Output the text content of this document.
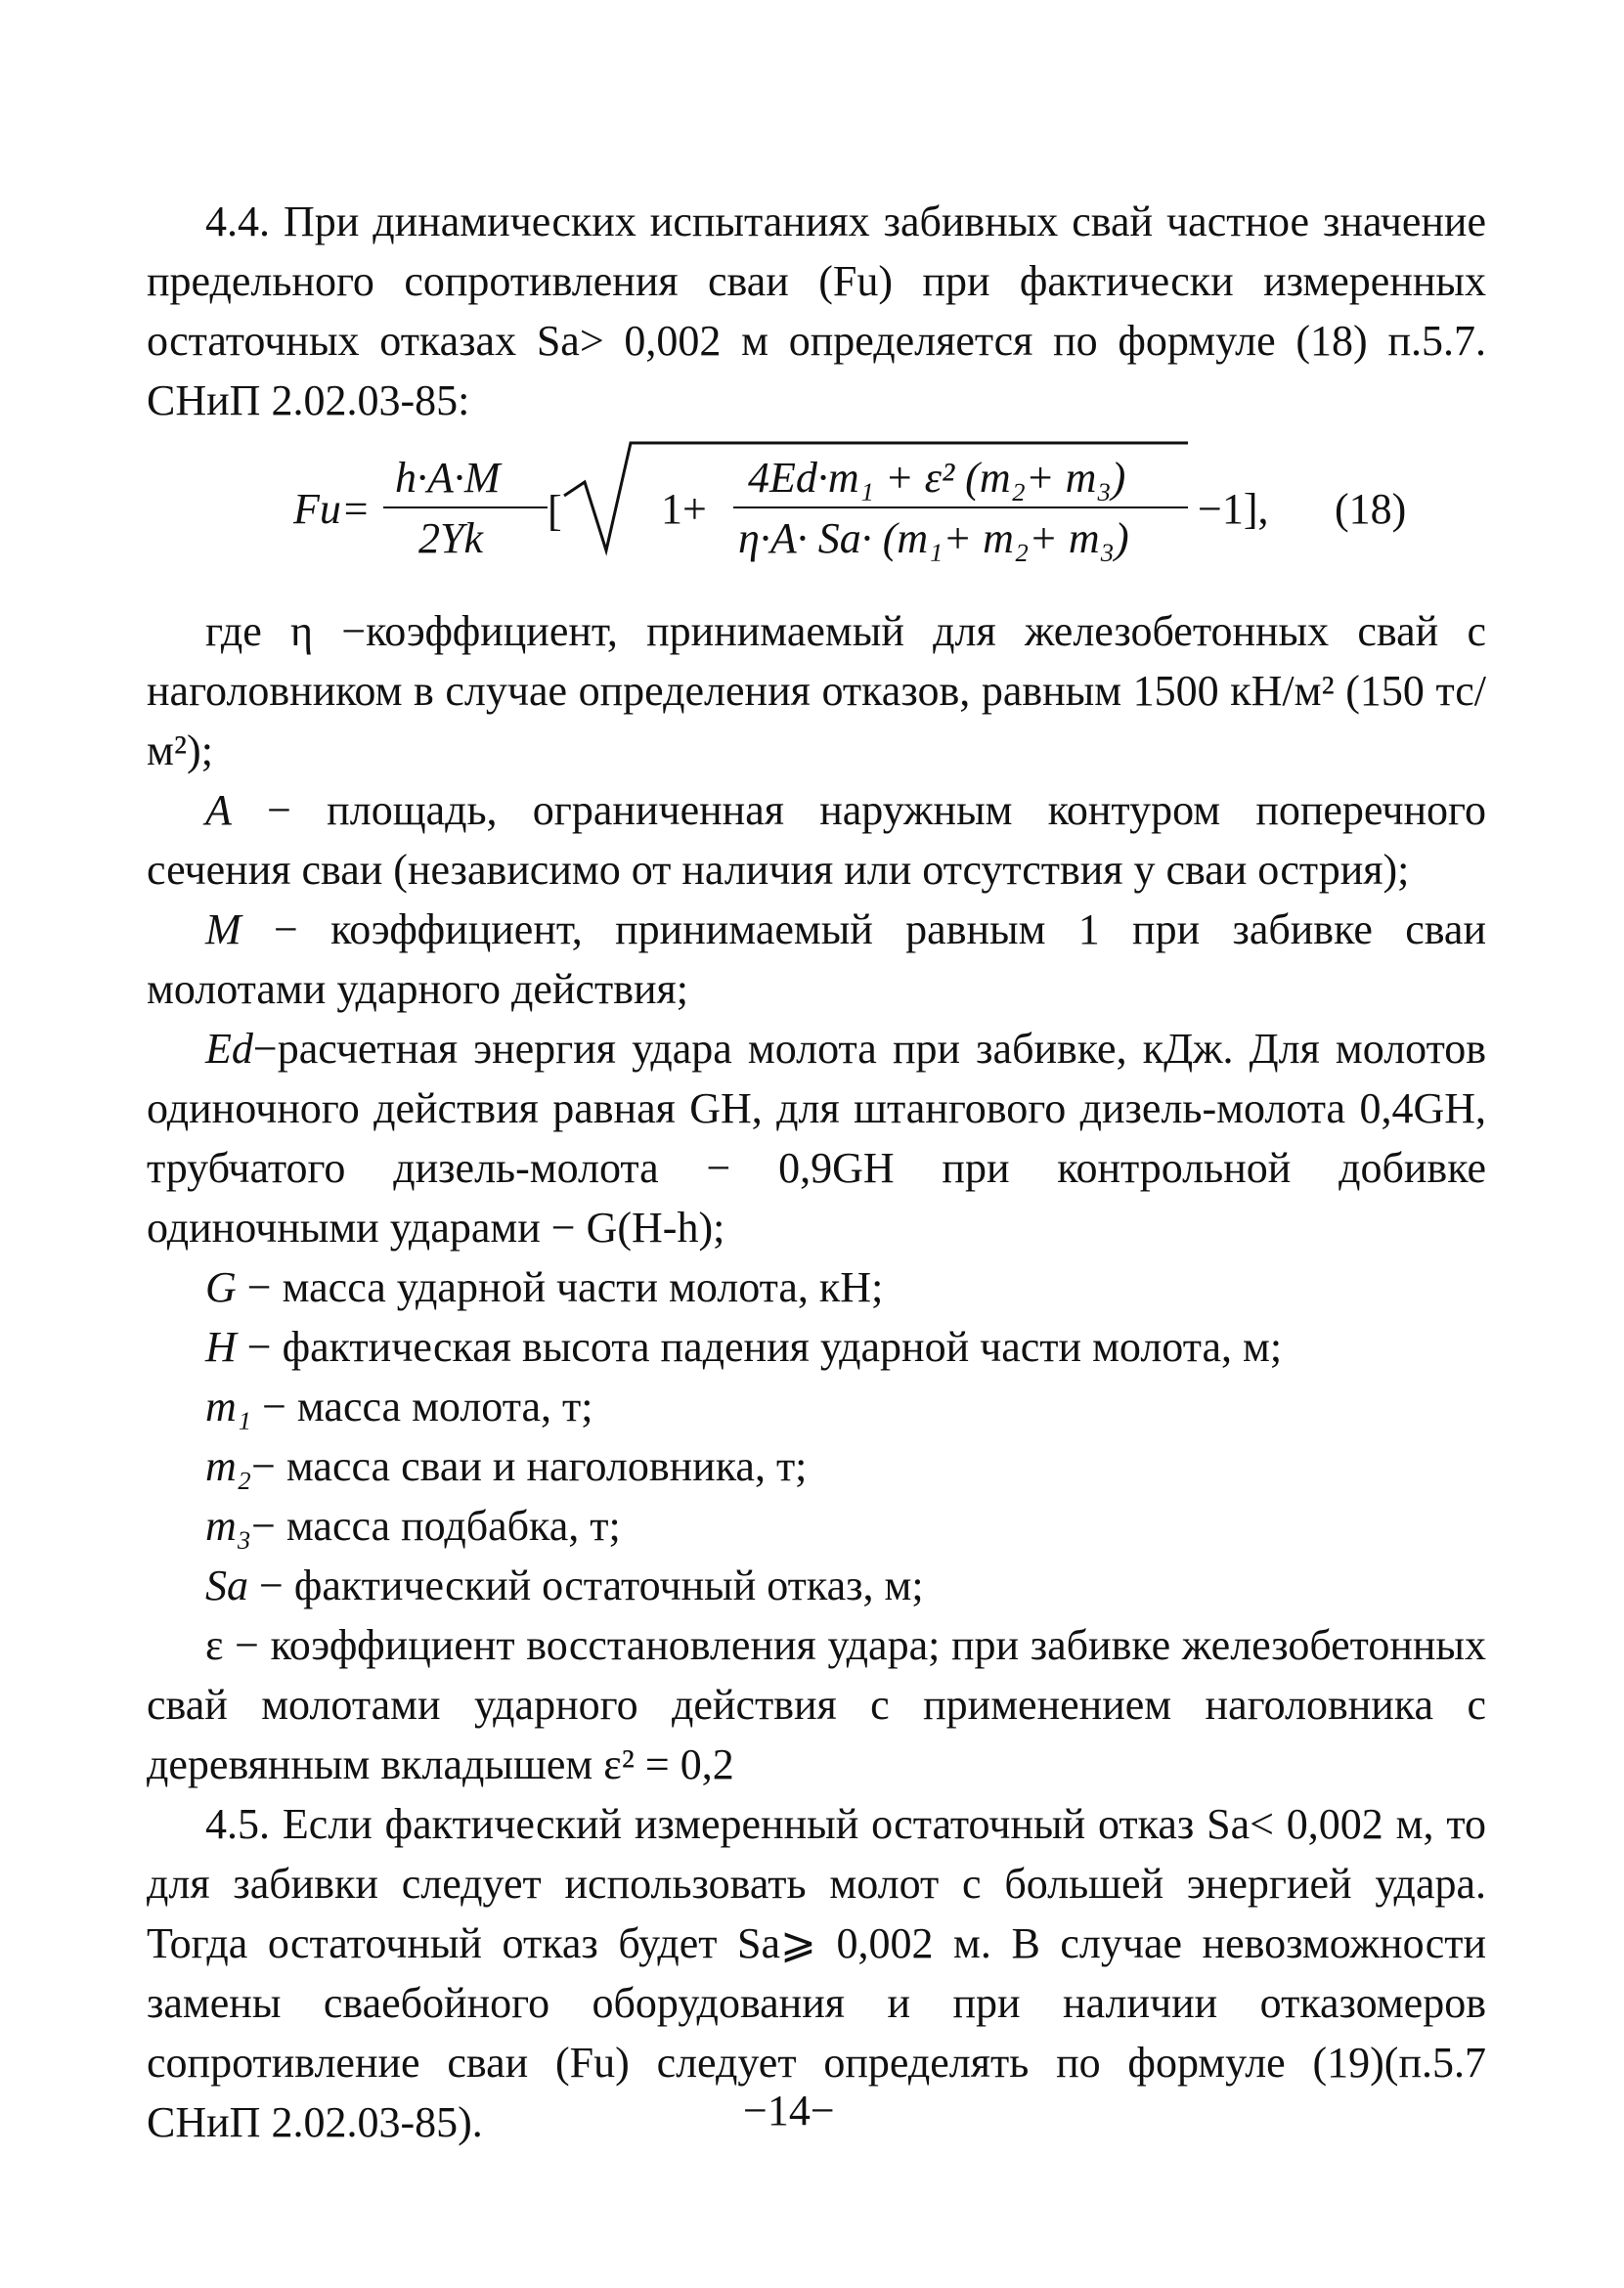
4.4. При динамических испытаниях забивных свай частное значение предельного сопротивления сваи (Fu) при фактически измеренных остаточных отказах Sa> 0,002 м определяется по формуле (18) п.5.7. СНиП 2.02.03-85:

Fu=
h·A·M
2Yk
[ 1+
4Ed·m₁ + ε² (m₂+ m₃)
η·A· Sa· (m₁+ m₂+ m₃)
−1], (18)

где η −коэффициент, принимаемый для железобетонных свай с наголовником в случае определения отказов, равным 1500 кН/м² (150 тс/м²);

А − площадь, ограниченная наружным контуром поперечного сечения сваи (независимо от наличия или отсутствия у сваи острия);

М − коэффициент, принимаемый равным 1 при забивке сваи молотами ударного действия;

Ed−расчетная энергия удара молота при забивке, кДж. Для молотов одиночного действия равная GH, для штангового дизель-молота 0,4GH, трубчатого дизель-молота − 0,9GH при контрольной добивке одиночными ударами − G(H-h);

G − масса ударной части молота, кН;

H − фактическая высота падения ударной части молота, м;

m₁ − масса молота, т;

m₂− масса сваи и наголовника, т;

m₃− масса подбабка, т;

Sa − фактический остаточный отказ, м;

ε − коэффициент восстановления удара; при забивке железобетонных свай молотами ударного действия с применением наголовника с деревянным вкладышем ε² = 0,2

4.5. Если фактический измеренный остаточный отказ Sa< 0,002 м, то для забивки следует использовать молот с большей энергией удара. Тогда остаточный отказ будет Sa⩾ 0,002 м. В случае невозможности замены сваебойного оборудования и при наличии отказомеров сопротивление сваи (Fu) следует определять по формуле (19)(п.5.7 СНиП 2.02.03-85).	−14−
